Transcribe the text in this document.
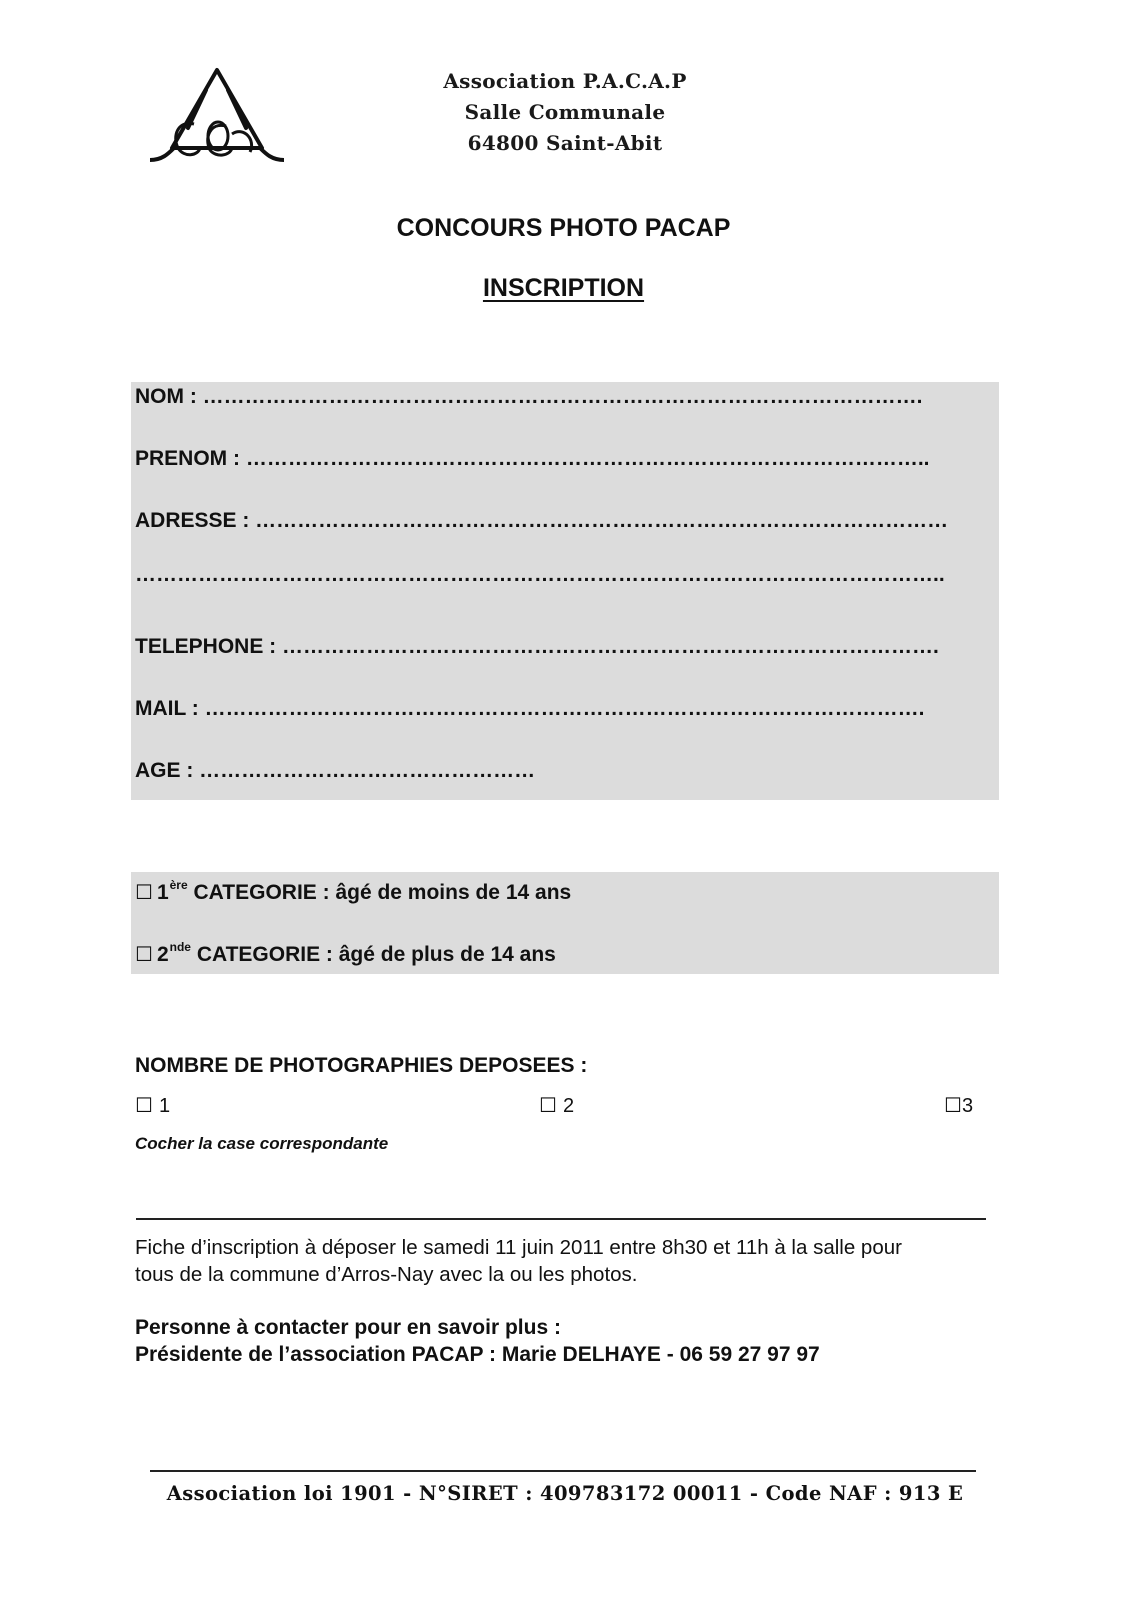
Association P.A.C.A.P
Salle Communale
64800 Saint-Abit
CONCOURS PHOTO PACAP
INSCRIPTION
NOM : ………………………………………………………………………………………….
PRENOM : ……………………………………………………………………………………..
ADRESSE : ………………………………………………………………………………………
……………………………………………………………………………………………………..
TELEPHONE : ………………………………………………………………………………….
MAIL : ………………………………………………………………………………………….
AGE : …………………………………………
☐ 1ère CATEGORIE : âgé de moins de 14 ans
☐ 2nde CATEGORIE : âgé de plus de 14 ans
NOMBRE DE PHOTOGRAPHIES DEPOSEES :
☐ 1	☐ 2	☐3
Cocher la case correspondante
Fiche d’inscription à déposer le samedi 11 juin 2011 entre 8h30 et 11h à la salle pour
tous de la commune d’Arros-Nay avec la ou les photos.
Personne à contacter pour en savoir plus :
Présidente de l’association PACAP : Marie DELHAYE - 06 59 27 97 97
Association loi 1901 - N°SIRET : 409783172 00011 - Code NAF : 913 E
